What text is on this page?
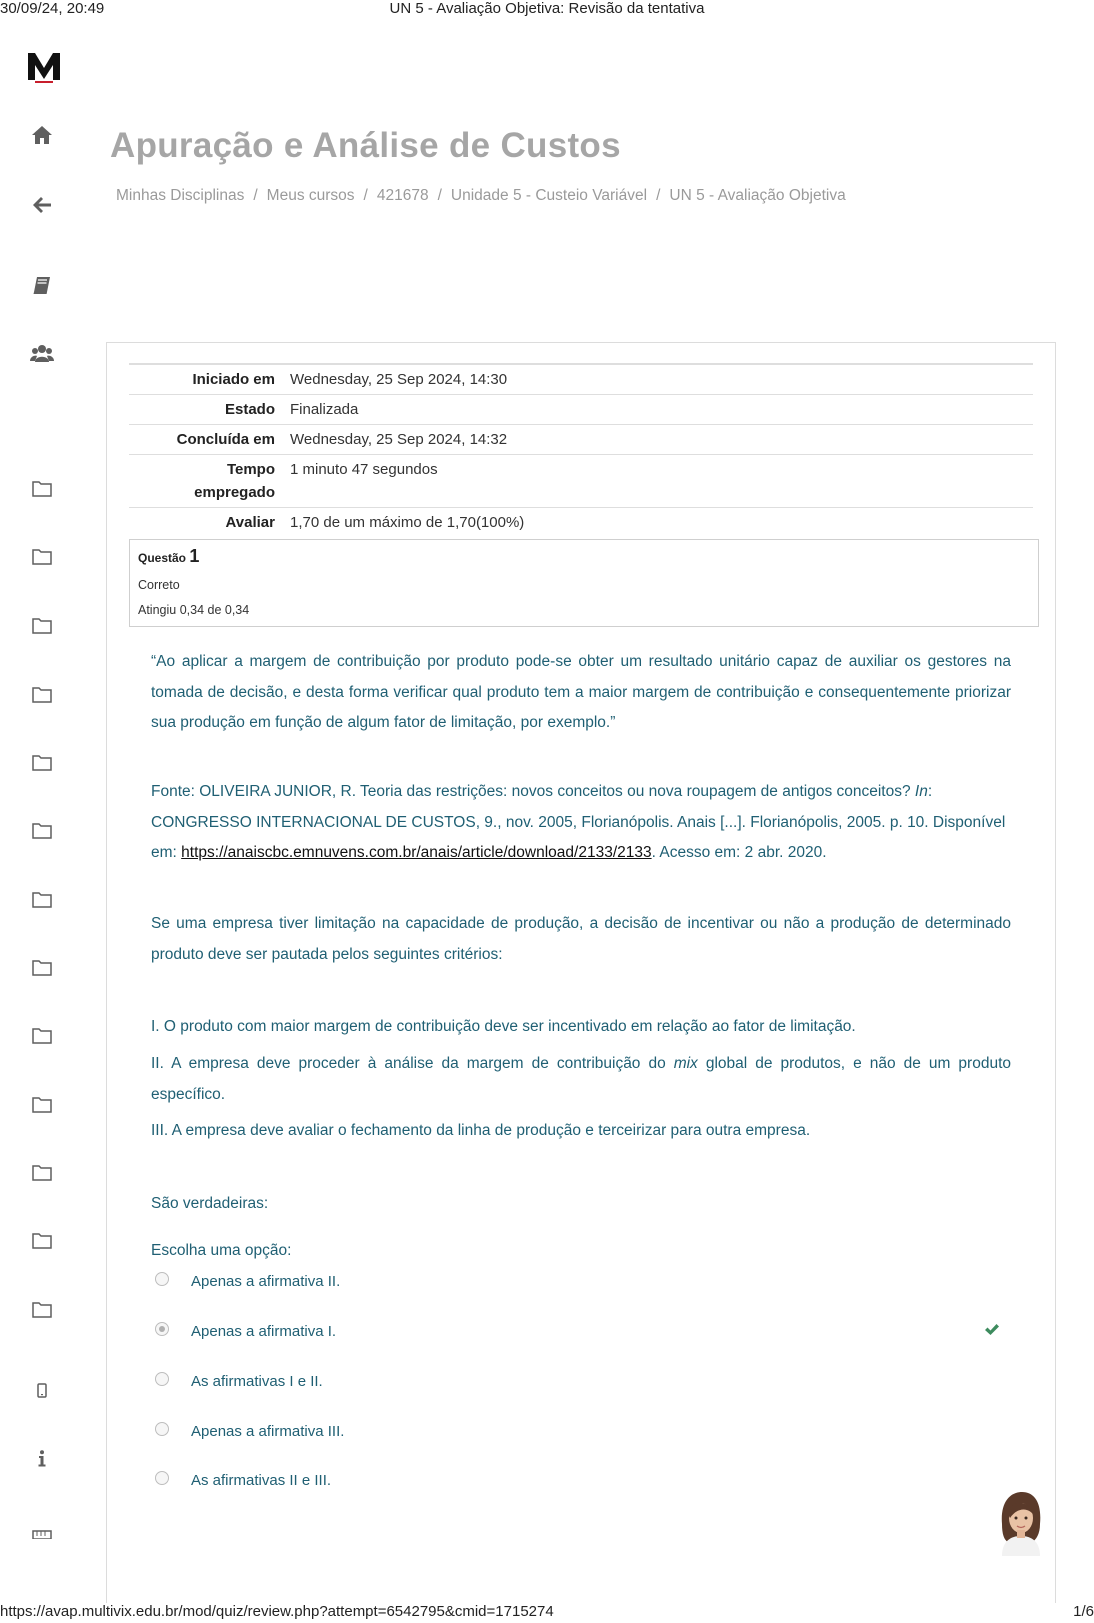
30/09/24, 20:49	UN 5 - Avaliação Objetiva: Revisão da tentativa
Apuração e Análise de Custos
Minhas Disciplinas / Meus cursos / 421678 / Unidade 5 - Custeio Variável / UN 5 - Avaliação Objetiva
Iniciado em	Wednesday, 25 Sep 2024, 14:30
Estado	Finalizada
Concluída em	Wednesday, 25 Sep 2024, 14:32
Tempo
empregado	1 minuto 47 segundos
Avaliar	1,70 de um máximo de 1,70(100%)
Questão 1
Correto
Atingiu 0,34 de 0,34

“Ao aplicar a margem de contribuição por produto pode-se obter um resultado unitário capaz de auxiliar os gestores na tomada de decisão, e desta forma verificar qual produto tem a maior margem de contribuição e consequentemente priorizar sua produção em função de algum fator de limitação, por exemplo.”

Fonte: OLIVEIRA JUNIOR, R. Teoria das restrições: novos conceitos ou nova roupagem de antigos conceitos? In: CONGRESSO INTERNACIONAL DE CUSTOS, 9., nov. 2005, Florianópolis. Anais [...]. Florianópolis, 2005. p. 10. Disponível em: https://anaiscbc.emnuvens.com.br/anais/article/download/2133/2133. Acesso em: 2 abr. 2020.

Se uma empresa tiver limitação na capacidade de produção, a decisão de incentivar ou não a produção de determinado produto deve ser pautada pelos seguintes critérios:

I. O produto com maior margem de contribuição deve ser incentivado em relação ao fator de limitação.

II. A empresa deve proceder à análise da margem de contribuição do mix global de produtos, e não de um produto específico.

III. A empresa deve avaliar o fechamento da linha de produção e terceirizar para outra empresa.

São verdadeiras:

Escolha uma opção:

Apenas a afirmativa II.
Apenas a afirmativa I.
As afirmativas I e II.
Apenas a afirmativa III.
As afirmativas II e III.
https://avap.multivix.edu.br/mod/quiz/review.php?attempt=6542795&cmid=1715274	1/6
